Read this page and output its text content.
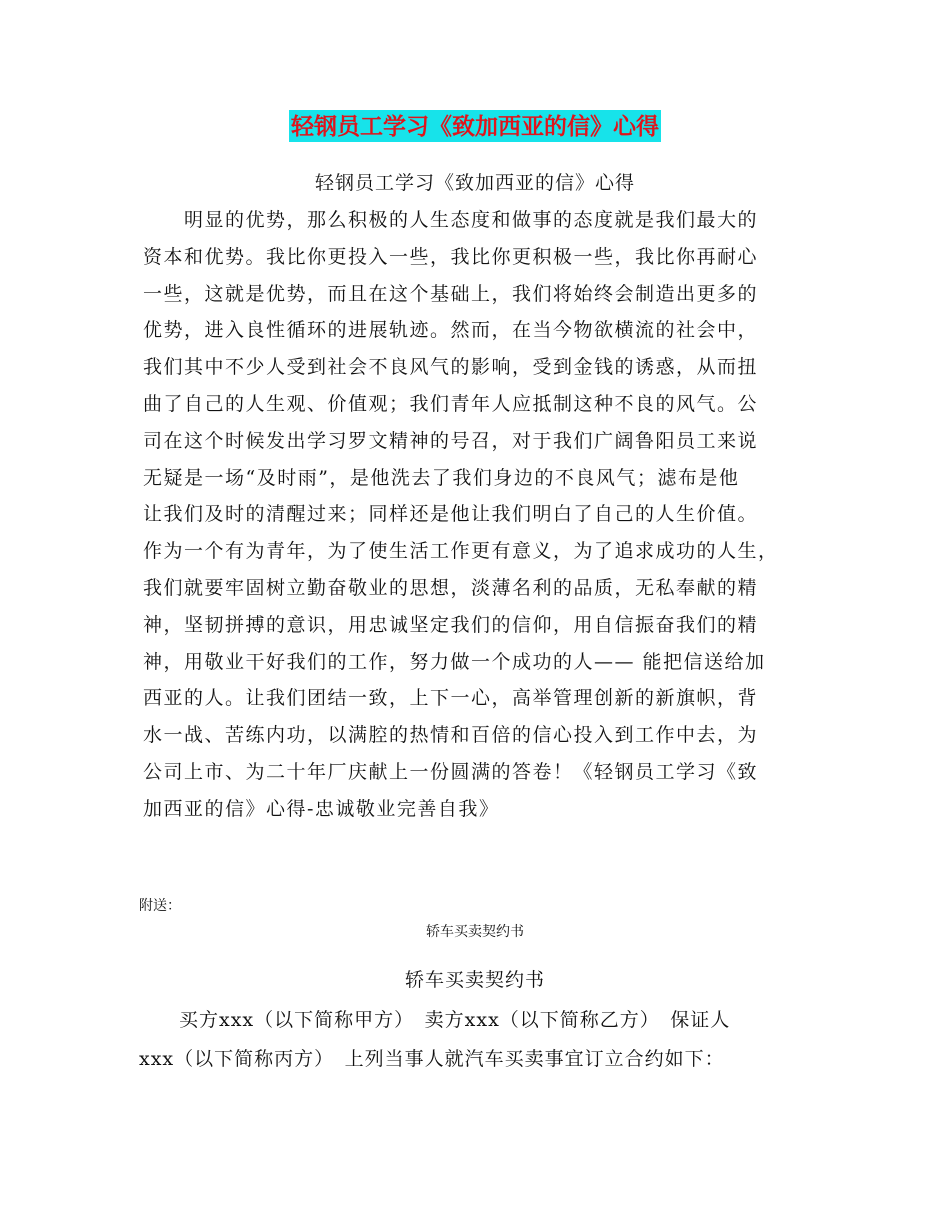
轻钢员工学习《致加西亚的信》心得
轻钢员工学习《致加西亚的信》心得
　　明显的优势，那么积极的人生态度和做事的态度就是我们最大的
资本和优势。我比你更投入一些，我比你更积极一些，我比你再耐心
一些，这就是优势，而且在这个基础上，我们将始终会制造出更多的
优势，进入良性循环的进展轨迹。然而，在当今物欲横流的社会中，
我们其中不少人受到社会不良风气的影响，受到金钱的诱惑，从而扭
曲了自己的人生观、价值观；我们青年人应抵制这种不良的风气。公
司在这个时候发出学习罗文精神的号召，对于我们广阔鲁阳员工来说
无疑是一场“及时雨”，是他洗去了我们身边的不良风气；滤布是他
让我们及时的清醒过来；同样还是他让我们明白了自己的人生价值。
作为一个有为青年，为了使生活工作更有意义，为了追求成功的人生，
我们就要牢固树立勤奋敬业的思想，淡薄名利的品质，无私奉献的精
神，坚韧拼搏的意识，用忠诚坚定我们的信仰，用自信振奋我们的精
神，用敬业干好我们的工作，努力做一个成功的人—— 能把信送给加
西亚的人。让我们团结一致，上下一心，高举管理创新的新旗帜，背
水一战、苦练内功，以满腔的热情和百倍的信心投入到工作中去，为
公司上市、为二十年厂庆献上一份圆满的答卷！《轻钢员工学习《致
加西亚的信》心得-忠诚敬业完善自我》
附送：
轿车买卖契约书
轿车买卖契约书
　　买方xxx（以下简称甲方）　卖方xxx（以下简称乙方）　保证人
xxx（以下简称丙方）　上列当事人就汽车买卖事宜订立合约如下：
